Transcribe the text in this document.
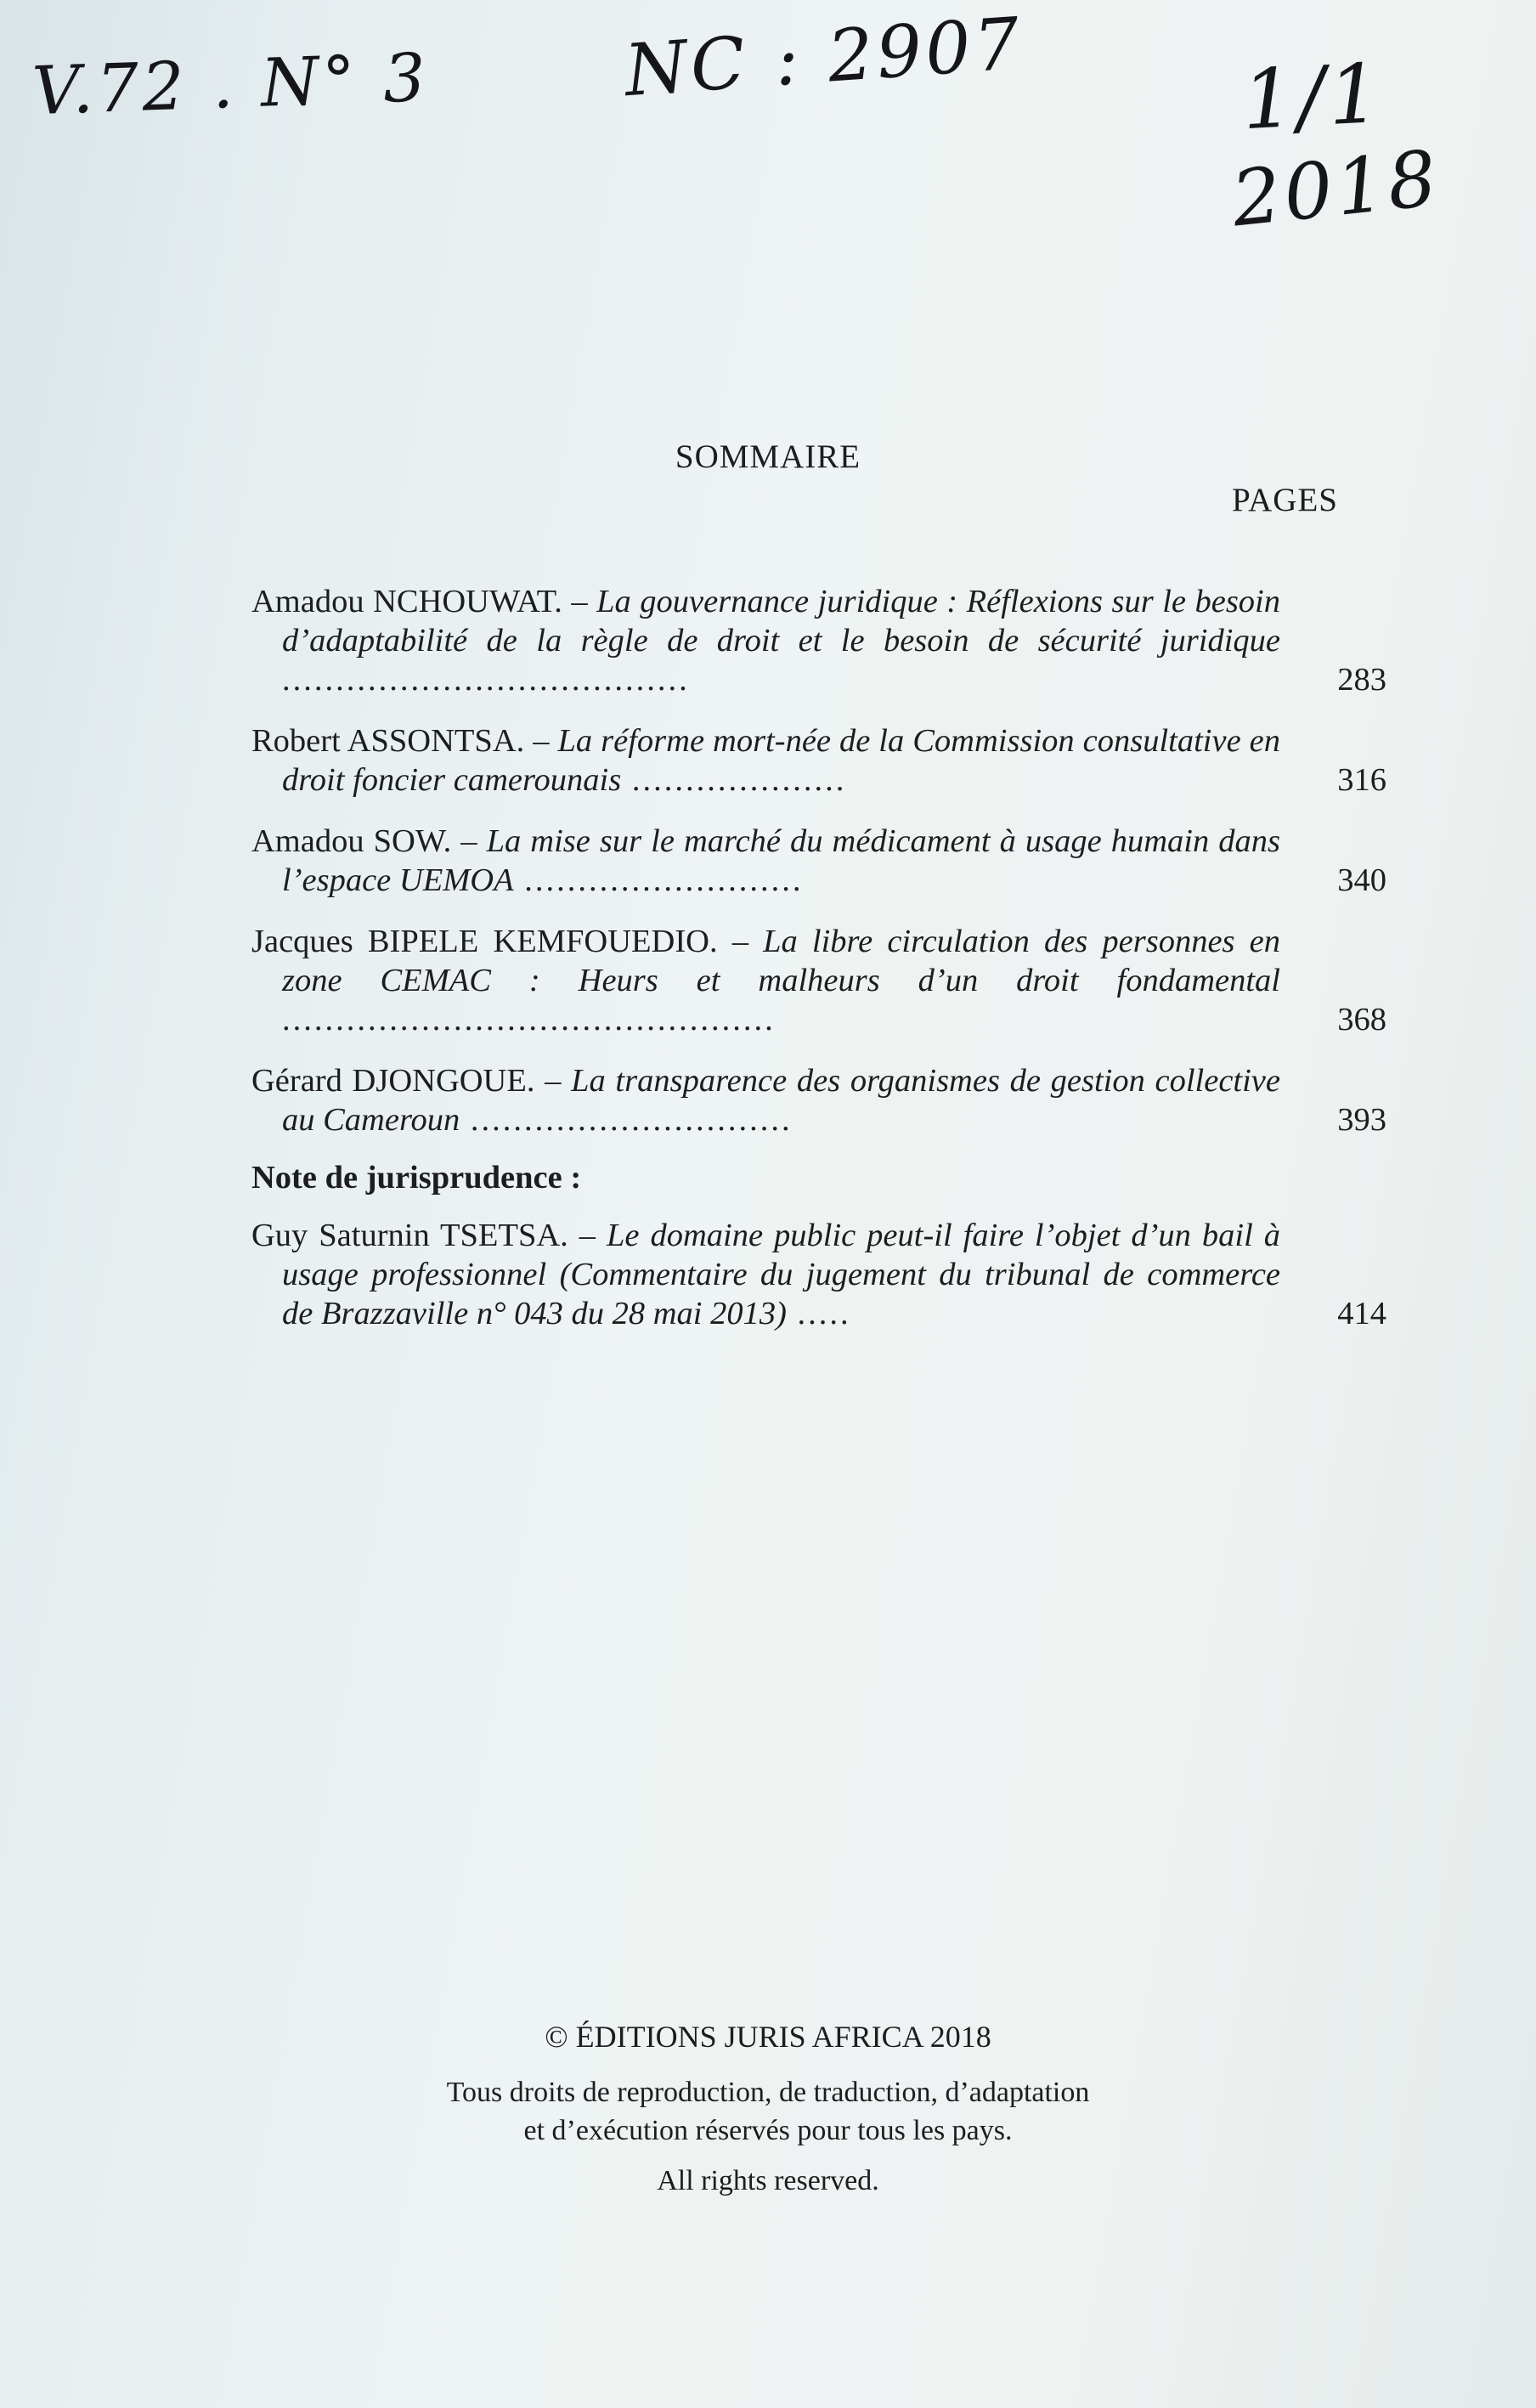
V.72 . N° 3	NC : 2907	1/1
2018
SOMMAIRE
PAGES
Amadou NCHOUWAT. – La gouvernance juridique : Réflexions sur le besoin d’adaptabilité de la règle de droit et le besoin de sécurité juridique ......................................	283
Robert ASSONTSA. – La réforme mort-née de la Commission consultative en droit foncier camerounais ....................	316
Amadou SOW. – La mise sur le marché du médicament à usage humain dans l’espace UEMOA ..........................	340
Jacques BIPELE KEMFOUEDIO. – La libre circulation des personnes en zone CEMAC : Heurs et malheurs d’un droit fondamental ..............................................	368
Gérard DJONGOUE. – La transparence des organismes de gestion collective au Cameroun ..............................	393
Note de jurisprudence :
Guy Saturnin TSETSA. – Le domaine public peut-il faire l’objet d’un bail à usage professionnel (Commentaire du jugement du tribunal de commerce de Brazzaville n° 043 du 28 mai 2013) .....	414
© ÉDITIONS JURIS AFRICA 2018
Tous droits de reproduction, de traduction, d’adaptation
et d’exécution réservés pour tous les pays.
All rights reserved.
